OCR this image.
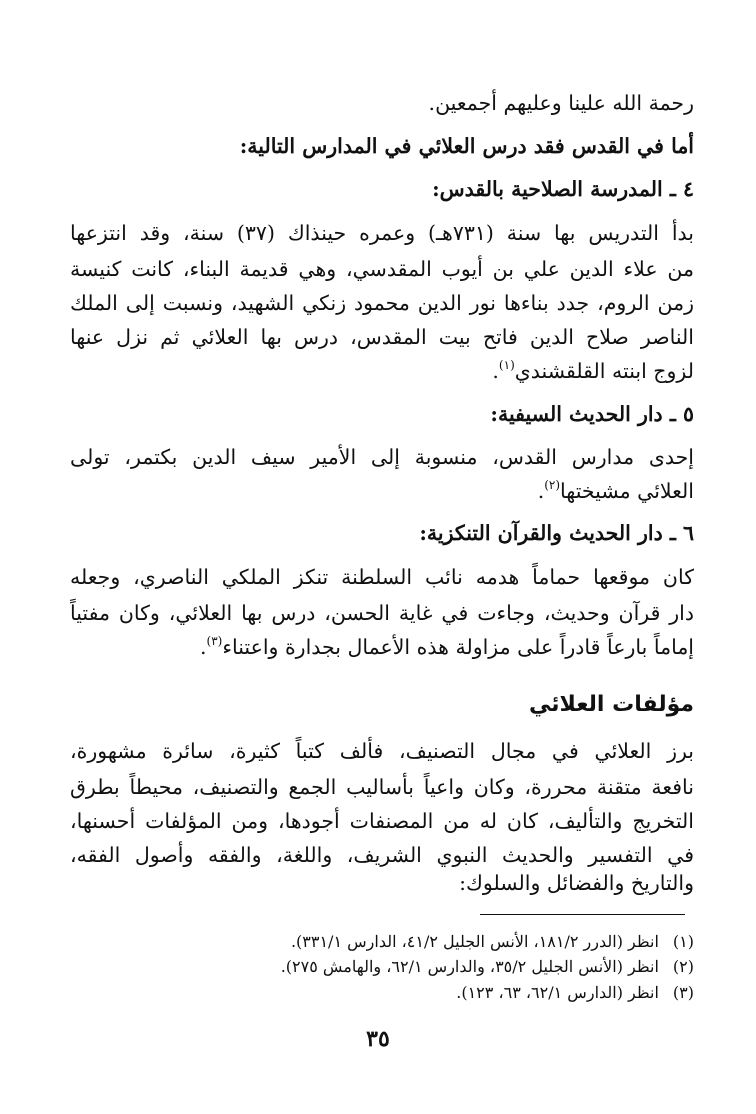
رحمة الله علينا وعليهم أجمعين.
أما في القدس فقد درس العلائي في المدارس التالية:
٤ ـ المدرسة الصلاحية بالقدس:
بدأ التدريس بها سنة (٧٣١هـ) وعمره حينذاك (٣٧) سنة، وقد انتزعها
من علاء الدين علي بن أيوب المقدسي، وهي قديمة البناء، كانت كنيسة
زمن الروم، جدد بناءها نور الدين محمود زنكي الشهيد، ونسبت إلى الملك
الناصر صلاح الدين فاتح بيت المقدس، درس بها العلائي ثم نزل عنها
لزوج ابنته القلقشندي$^{(١)}$.
٥ ـ دار الحديث السيفية:
إحدى مدارس القدس، منسوبة إلى الأمير سيف الدين بكتمر، تولى
العلائي مشيختها$^{(٢)}$.
٦ ـ دار الحديث والقرآن التنكزية:
كان موقعها حماماً هدمه نائب السلطنة تنكز الملكي الناصري، وجعله
دار قرآن وحديث، وجاءت في غاية الحسن، درس بها العلائي، وكان مفتياً
إماماً بارعاً قادراً على مزاولة هذه الأعمال بجدارة واعتناء$^{(٣)}$.
مؤلفات العلائي
برز العلائي في مجال التصنيف، فألف كتباً كثيرة، سائرة مشهورة،
نافعة متقنة محررة، وكان واعياً بأساليب الجمع والتصنيف، محيطاً بطرق
التخريج والتأليف، كان له من المصنفات أجودها، ومن المؤلفات أحسنها،
في التفسير والحديث النبوي الشريف، واللغة، والفقه وأصول الفقه،
والتاريخ والفضائل والسلوك:
(١) انظر (الدرر ١٨١/٢، الأنس الجليل ٤١/٢، الدارس ٣٣١/١).
(٢) انظر (الأنس الجليل ٣٥/٢، والدارس ٦٢/١، والهامش ٢٧٥).
(٣) انظر (الدارس ٦٢/١، ٦٣، ١٢٣).
٣٥
